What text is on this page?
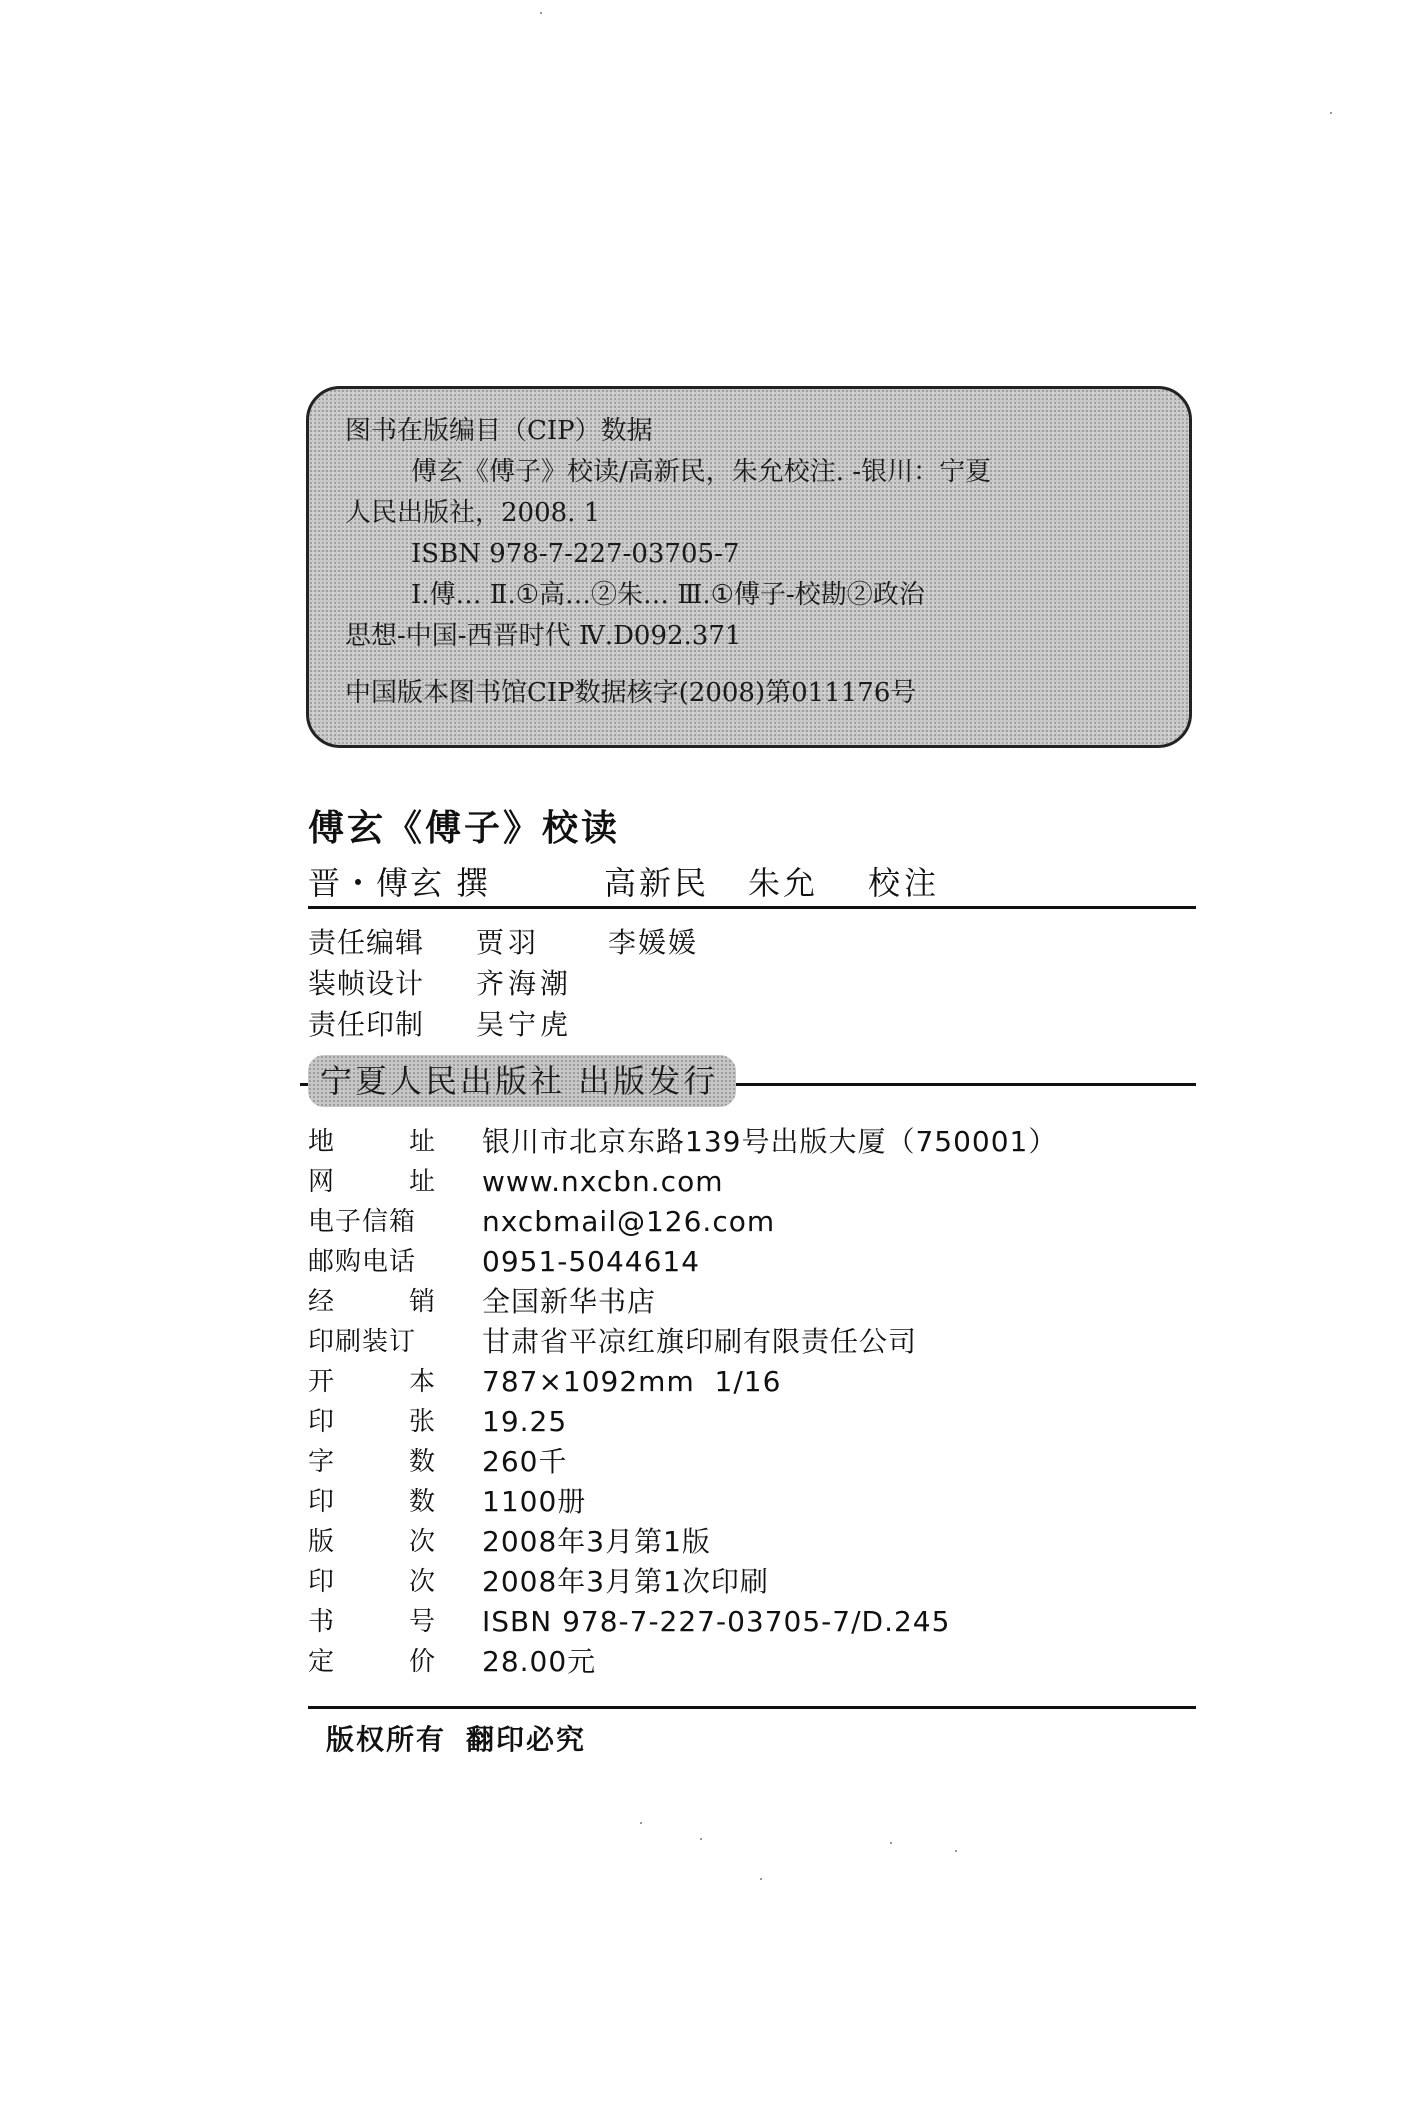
图书在版编目（CIP）数据
傅玄《傅子》校读/高新民，朱允校注. -银川：宁夏
人民出版社，2008. 1
ISBN 978-7-227-03705-7
Ⅰ.傅… Ⅱ.①高…②朱… Ⅲ.①傅子-校勘②政治
思想-中国-西晋时代 Ⅳ.D092.371
中国版本图书馆CIP数据核字(2008)第011176号
傅玄《傅子》校读
晋・傅玄 撰	高新民 朱允 校注
责任编辑 贾羽 李媛媛
装帧设计 齐海潮
责任印制 吴宁虎
宁夏人民出版社 出版发行
地	址 银川市北京东路139号出版大厦（750001）
网	址 www.nxcbn.com
电子信箱	nxcbmail@126.com
邮购电话	0951-5044614
经	销 全国新华书店
印刷装订	甘肃省平凉红旗印刷有限责任公司
开	本 787×1092mm  1/16
印	张 19.25
字	数 260千
印	数 1100册
版	次 2008年3月第1版
印	次 2008年3月第1次印刷
书	号 ISBN 978-7-227-03705-7/D.245
定	价 28.00元
版权所有 翻印必究
